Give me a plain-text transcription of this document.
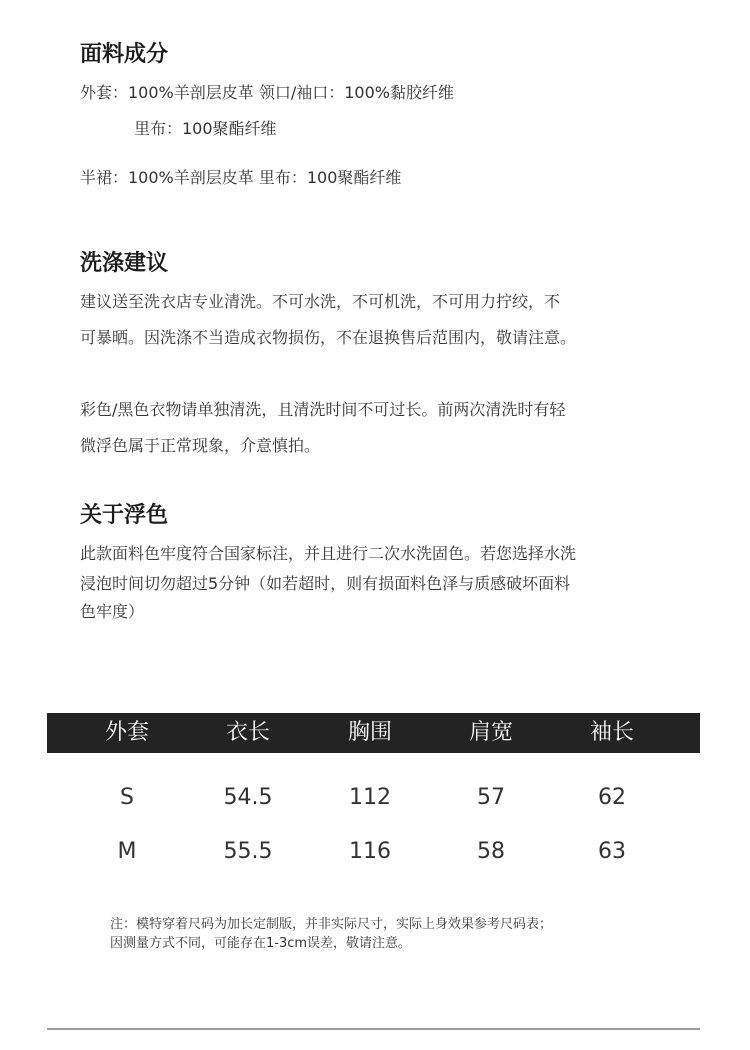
面料成分

外套：100%羊剖层皮革 领口/袖口：100%黏胶纤维

里布：100聚酯纤维

半裙：100%羊剖层皮革 里布：100聚酯纤维

洗涤建议

建议送至洗衣店专业清洗。不可水洗，不可机洗，不可用力拧绞，不

可暴晒。因洗涤不当造成衣物损伤，不在退换售后范围内，敬请注意。

彩色/黑色衣物请单独清洗，且清洗时间不可过长。前两次清洗时有轻

微浮色属于正常现象，介意慎拍。

关于浮色

此款面料色牢度符合国家标注，并且进行二次水洗固色。若您选择水洗

浸泡时间切勿超过5分钟（如若超时，则有损面料色泽与质感破坏面料

色牢度）

外套	衣长	胸围	肩宽	袖长
S	54.5	112	57	62
M	55.5	116	58	63
注：模特穿着尺码为加长定制版，并非实际尺寸，实际上身效果参考尺码表；
因测量方式不同，可能存在1-3cm误差，敬请注意。
